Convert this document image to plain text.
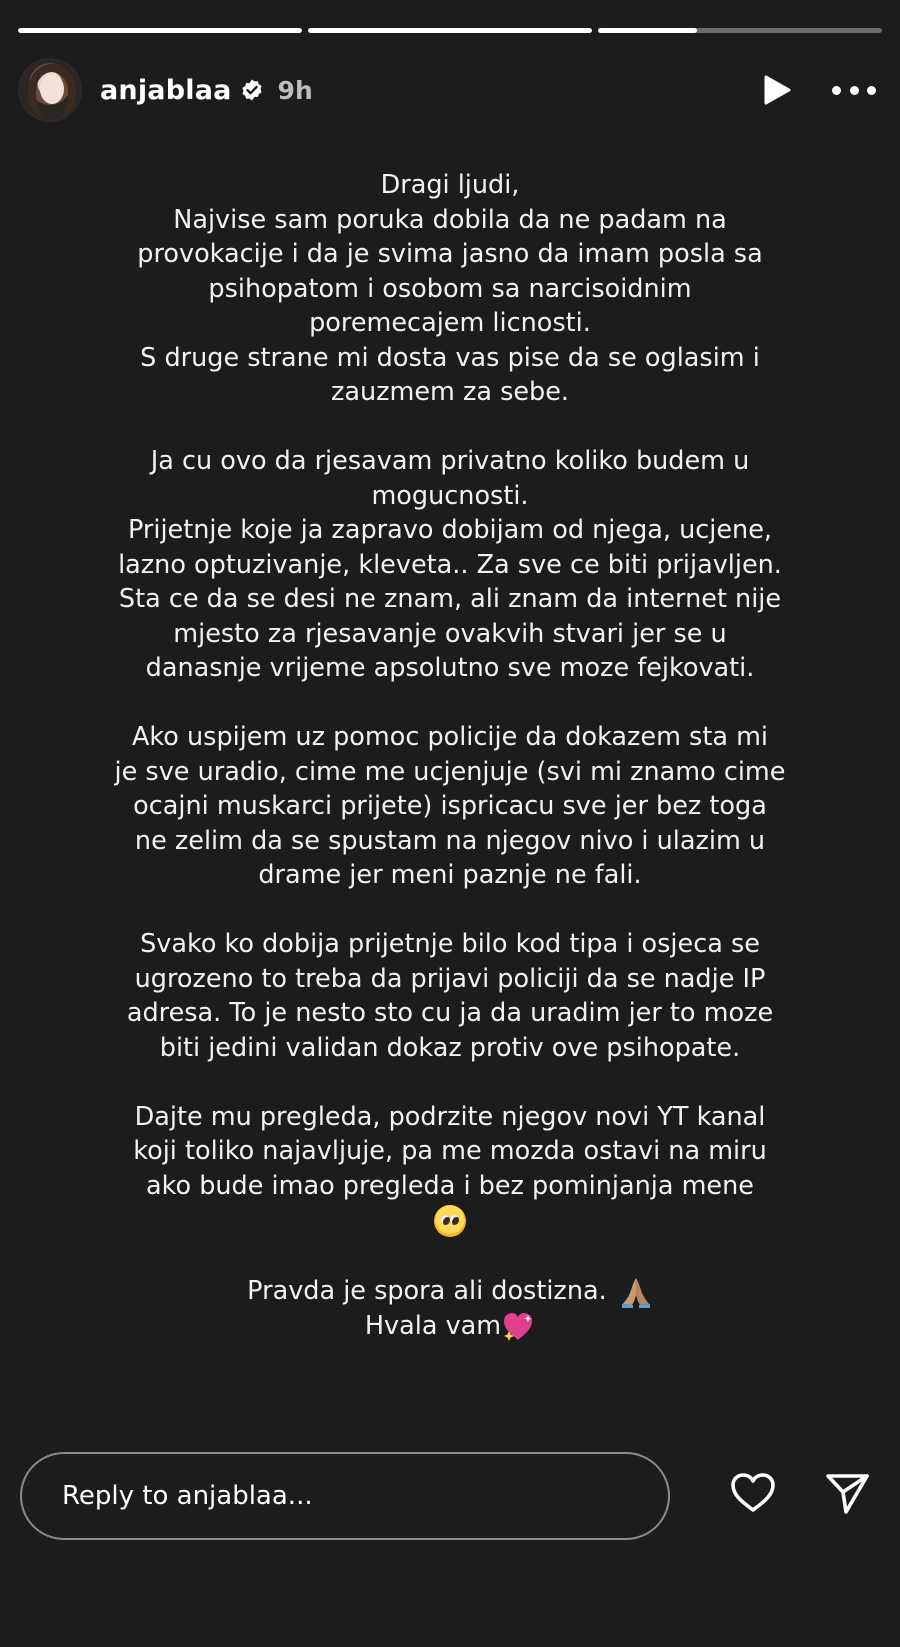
anjablaa 9h

Dragi ljudi,

Najvise sam poruka dobila da ne padam na

provokacije i da je svima jasno da imam posla sa

psihopatom i osobom sa narcisoidnim

poremecajem licnosti.

S druge strane mi dosta vas pise da se oglasim i

zauzmem za sebe.

Ja cu ovo da rjesavam privatno koliko budem u

mogucnosti.

Prijetnje koje ja zapravo dobijam od njega, ucjene,

lazno optuzivanje, kleveta.. Za sve ce biti prijavljen.

Sta ce da se desi ne znam, ali znam da internet nije

mjesto za rjesavanje ovakvih stvari jer se u

danasnje vrijeme apsolutno sve moze fejkovati.

Ako uspijem uz pomoc policije da dokazem sta mi

je sve uradio, cime me ucjenjuje (svi mi znamo cime

ocajni muskarci prijete) ispricacu sve jer bez toga

ne zelim da se spustam na njegov nivo i ulazim u

drame jer meni paznje ne fali.

Svako ko dobija prijetnje bilo kod tipa i osjeca se

ugrozeno to treba da prijavi policiji da se nadje IP

adresa. To je nesto sto cu ja da uradim jer to moze

biti jedini validan dokaz protiv ove psihopate.

Dajte mu pregleda, podrzite njegov novi YT kanal

koji toliko najavljuje, pa me mozda ostavi na miru

ako bude imao pregleda i bez pominjanja mene

Pravda je spora ali dostizna.

Hvala vam

Reply to anjablaa...
